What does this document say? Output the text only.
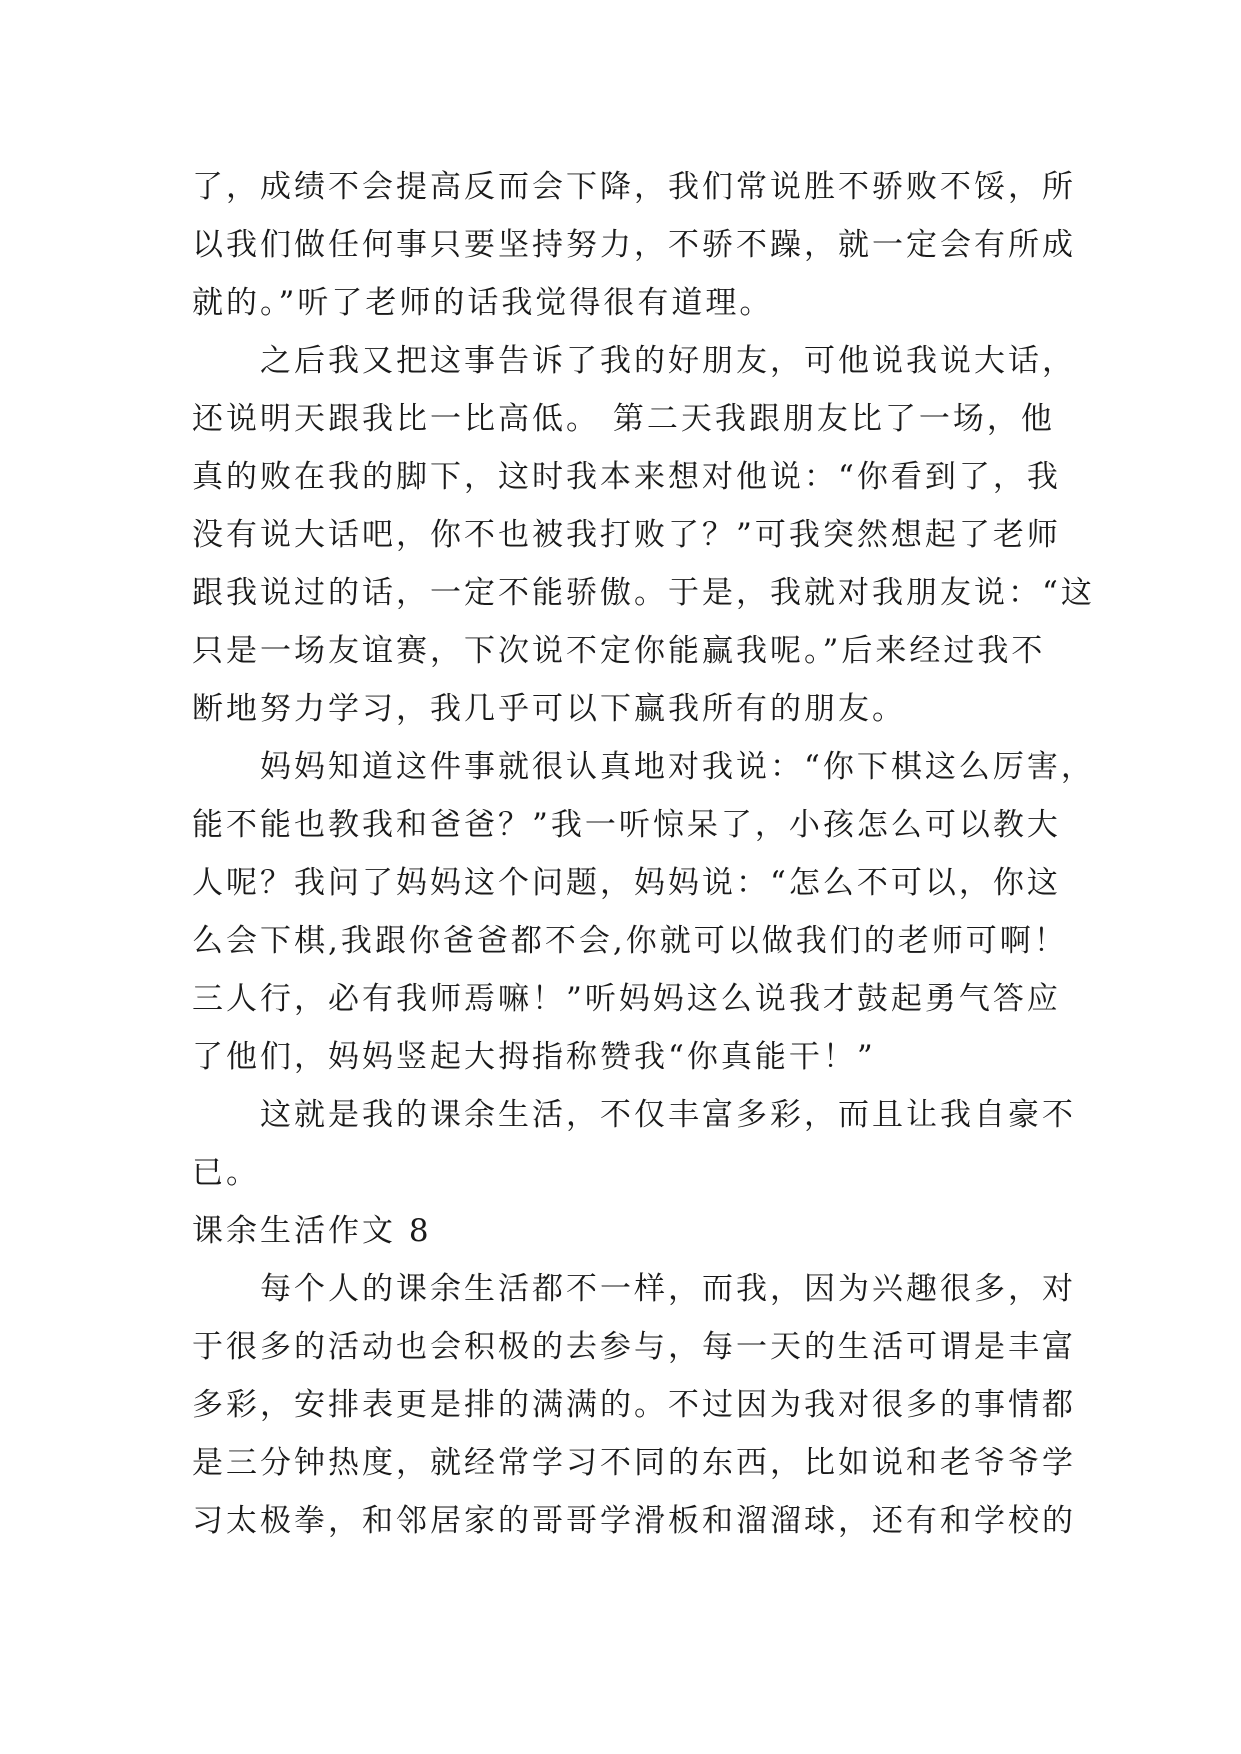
了，成绩不会提高反而会下降，我们常说胜不骄败不馁，所
以我们做任何事只要坚持努力，不骄不躁，就一定会有所成
就的。”听了老师的话我觉得很有道理。
之后我又把这事告诉了我的好朋友，可他说我说大话，
还说明天跟我比一比高低。 第二天我跟朋友比了一场，他
真的败在我的脚下，这时我本来想对他说：“你看到了，我
没有说大话吧，你不也被我打败了？”可我突然想起了老师
跟我说过的话，一定不能骄傲。于是，我就对我朋友说：“这
只是一场友谊赛，下次说不定你能赢我呢。”后来经过我不
断地努力学习，我几乎可以下赢我所有的朋友。
妈妈知道这件事就很认真地对我说：“你下棋这么厉害，
能不能也教我和爸爸？”我一听惊呆了，小孩怎么可以教大
人呢？我问了妈妈这个问题，妈妈说：“怎么不可以，你这
么会下棋,我跟你爸爸都不会,你就可以做我们的老师可啊！
三人行，必有我师焉嘛！”听妈妈这么说我才鼓起勇气答应
了他们，妈妈竖起大拇指称赞我“你真能干！”
这就是我的课余生活，不仅丰富多彩，而且让我自豪不
已。
课余生活作文 8
每个人的课余生活都不一样，而我，因为兴趣很多，对
于很多的活动也会积极的去参与，每一天的生活可谓是丰富
多彩，安排表更是排的满满的。不过因为我对很多的事情都
是三分钟热度，就经常学习不同的东西，比如说和老爷爷学
习太极拳，和邻居家的哥哥学滑板和溜溜球，还有和学校的
